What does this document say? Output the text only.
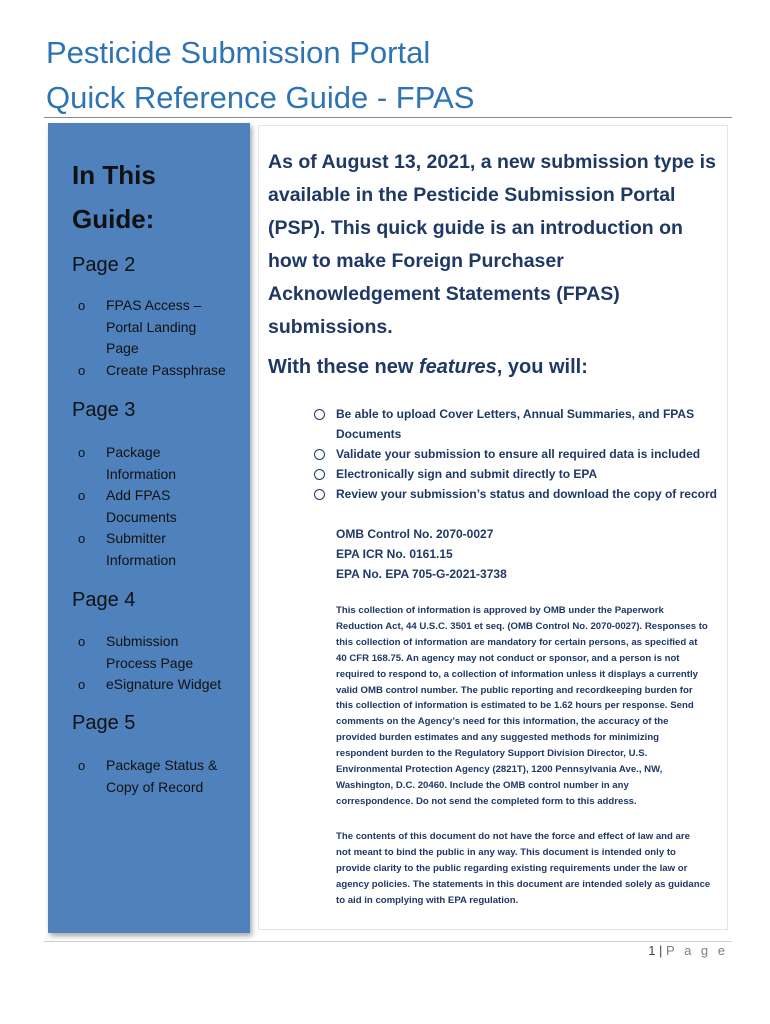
Pesticide Submission Portal
Quick Reference Guide - FPAS
In This
Guide:
Page 2
o FPAS Access –
Portal Landing
Page
o Create Passphrase
Page 3
o Package
Information
o Add FPAS
Documents
o Submitter
Information
Page 4
o Submission
Process Page
o eSignature Widget
Page 5
o Package Status &
Copy of Record
As of August 13, 2021, a new submission type is
available in the Pesticide Submission Portal
(PSP). This quick guide is an introduction on
how to make Foreign Purchaser
Acknowledgement Statements (FPAS)
submissions.
With these new features, you will:
Be able to upload Cover Letters, Annual Summaries, and FPAS
Documents
Validate your submission to ensure all required data is included
Electronically sign and submit directly to EPA
Review your submission’s status and download the copy of record
OMB Control No. 2070-0027
EPA ICR No. 0161.15
EPA No. EPA 705-G-2021-3738
This collection of information is approved by OMB under the Paperwork
Reduction Act, 44 U.S.C. 3501 et seq. (OMB Control No. 2070-0027). Responses to
this collection of information are mandatory for certain persons, as specified at
40 CFR 168.75. An agency may not conduct or sponsor, and a person is not
required to respond to, a collection of information unless it displays a currently
valid OMB control number. The public reporting and recordkeeping burden for
this collection of information is estimated to be 1.62 hours per response. Send
comments on the Agency’s need for this information, the accuracy of the
provided burden estimates and any suggested methods for minimizing
respondent burden to the Regulatory Support Division Director, U.S.
Environmental Protection Agency (2821T), 1200 Pennsylvania Ave., NW,
Washington, D.C. 20460. Include the OMB control number in any
correspondence. Do not send the completed form to this address.
The contents of this document do not have the force and effect of law and are
not meant to bind the public in any way. This document is intended only to
provide clarity to the public regarding existing requirements under the law or
agency policies. The statements in this document are intended solely as guidance
to aid in complying with EPA regulation.
1 | P a g e
